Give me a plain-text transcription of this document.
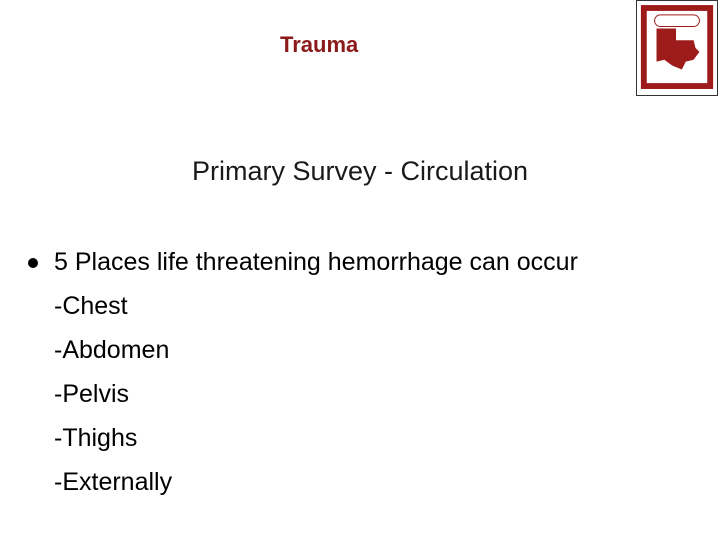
Trauma
Primary Survey - Circulation
5 Places life threatening hemorrhage can occur
-Chest
-Abdomen
-Pelvis
-Thighs
-Externally
